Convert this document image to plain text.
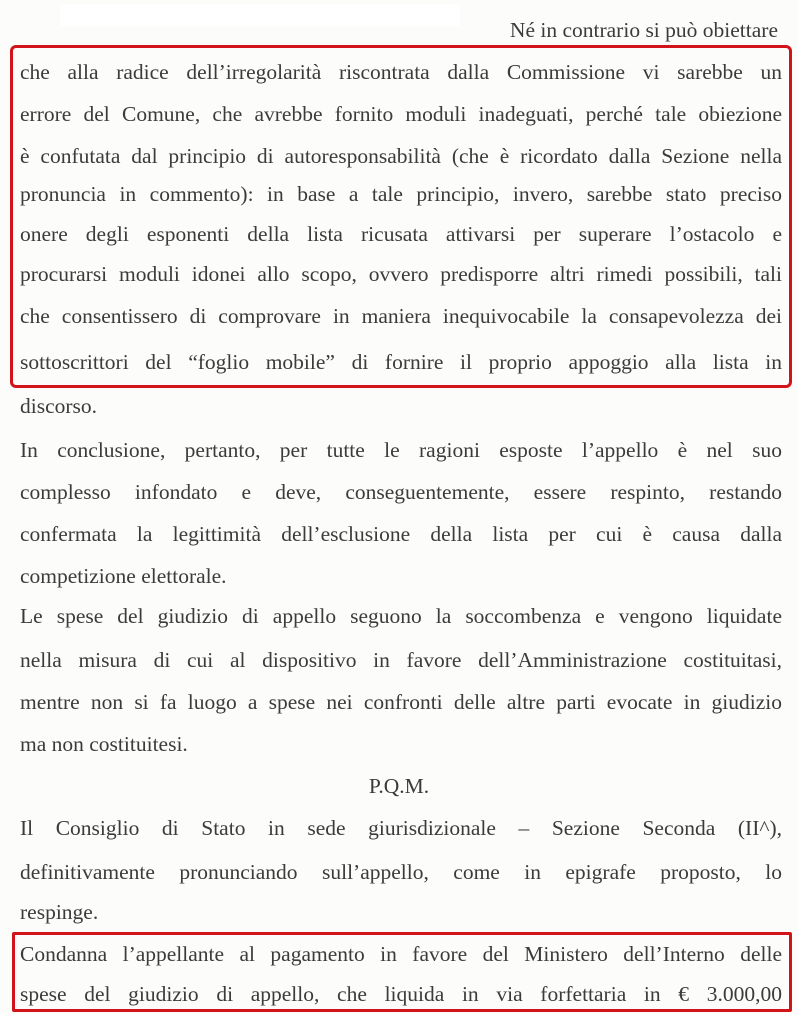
Né in contrario si può obiettare
che alla radice dell’irregolarità riscontrata dalla Commissione vi sarebbe un
errore del Comune, che avrebbe fornito moduli inadeguati, perché tale obiezione
è confutata dal principio di autoresponsabilità (che è ricordato dalla Sezione nella
pronuncia in commento): in base a tale principio, invero, sarebbe stato preciso
onere degli esponenti della lista ricusata attivarsi per superare l’ostacolo e
procurarsi moduli idonei allo scopo, ovvero predisporre altri rimedi possibili, tali
che consentissero di comprovare in maniera inequivocabile la consapevolezza dei
sottoscrittori del “foglio mobile” di fornire il proprio appoggio alla lista in
discorso.
In conclusione, pertanto, per tutte le ragioni esposte l’appello è nel suo
complesso infondato e deve, conseguentemente, essere respinto, restando
confermata la legittimità dell’esclusione della lista per cui è causa dalla
competizione elettorale.
Le spese del giudizio di appello seguono la soccombenza e vengono liquidate
nella misura di cui al dispositivo in favore dell’Amministrazione costituitasi,
mentre non si fa luogo a spese nei confronti delle altre parti evocate in giudizio
ma non costituitesi.
P.Q.M.
Il Consiglio di Stato in sede giurisdizionale – Sezione Seconda (II^),
definitivamente pronunciando sull’appello, come in epigrafe proposto, lo
respinge.
Condanna l’appellante al pagamento in favore del Ministero dell’Interno delle
spese del giudizio di appello, che liquida in via forfettaria in € 3.000,00
